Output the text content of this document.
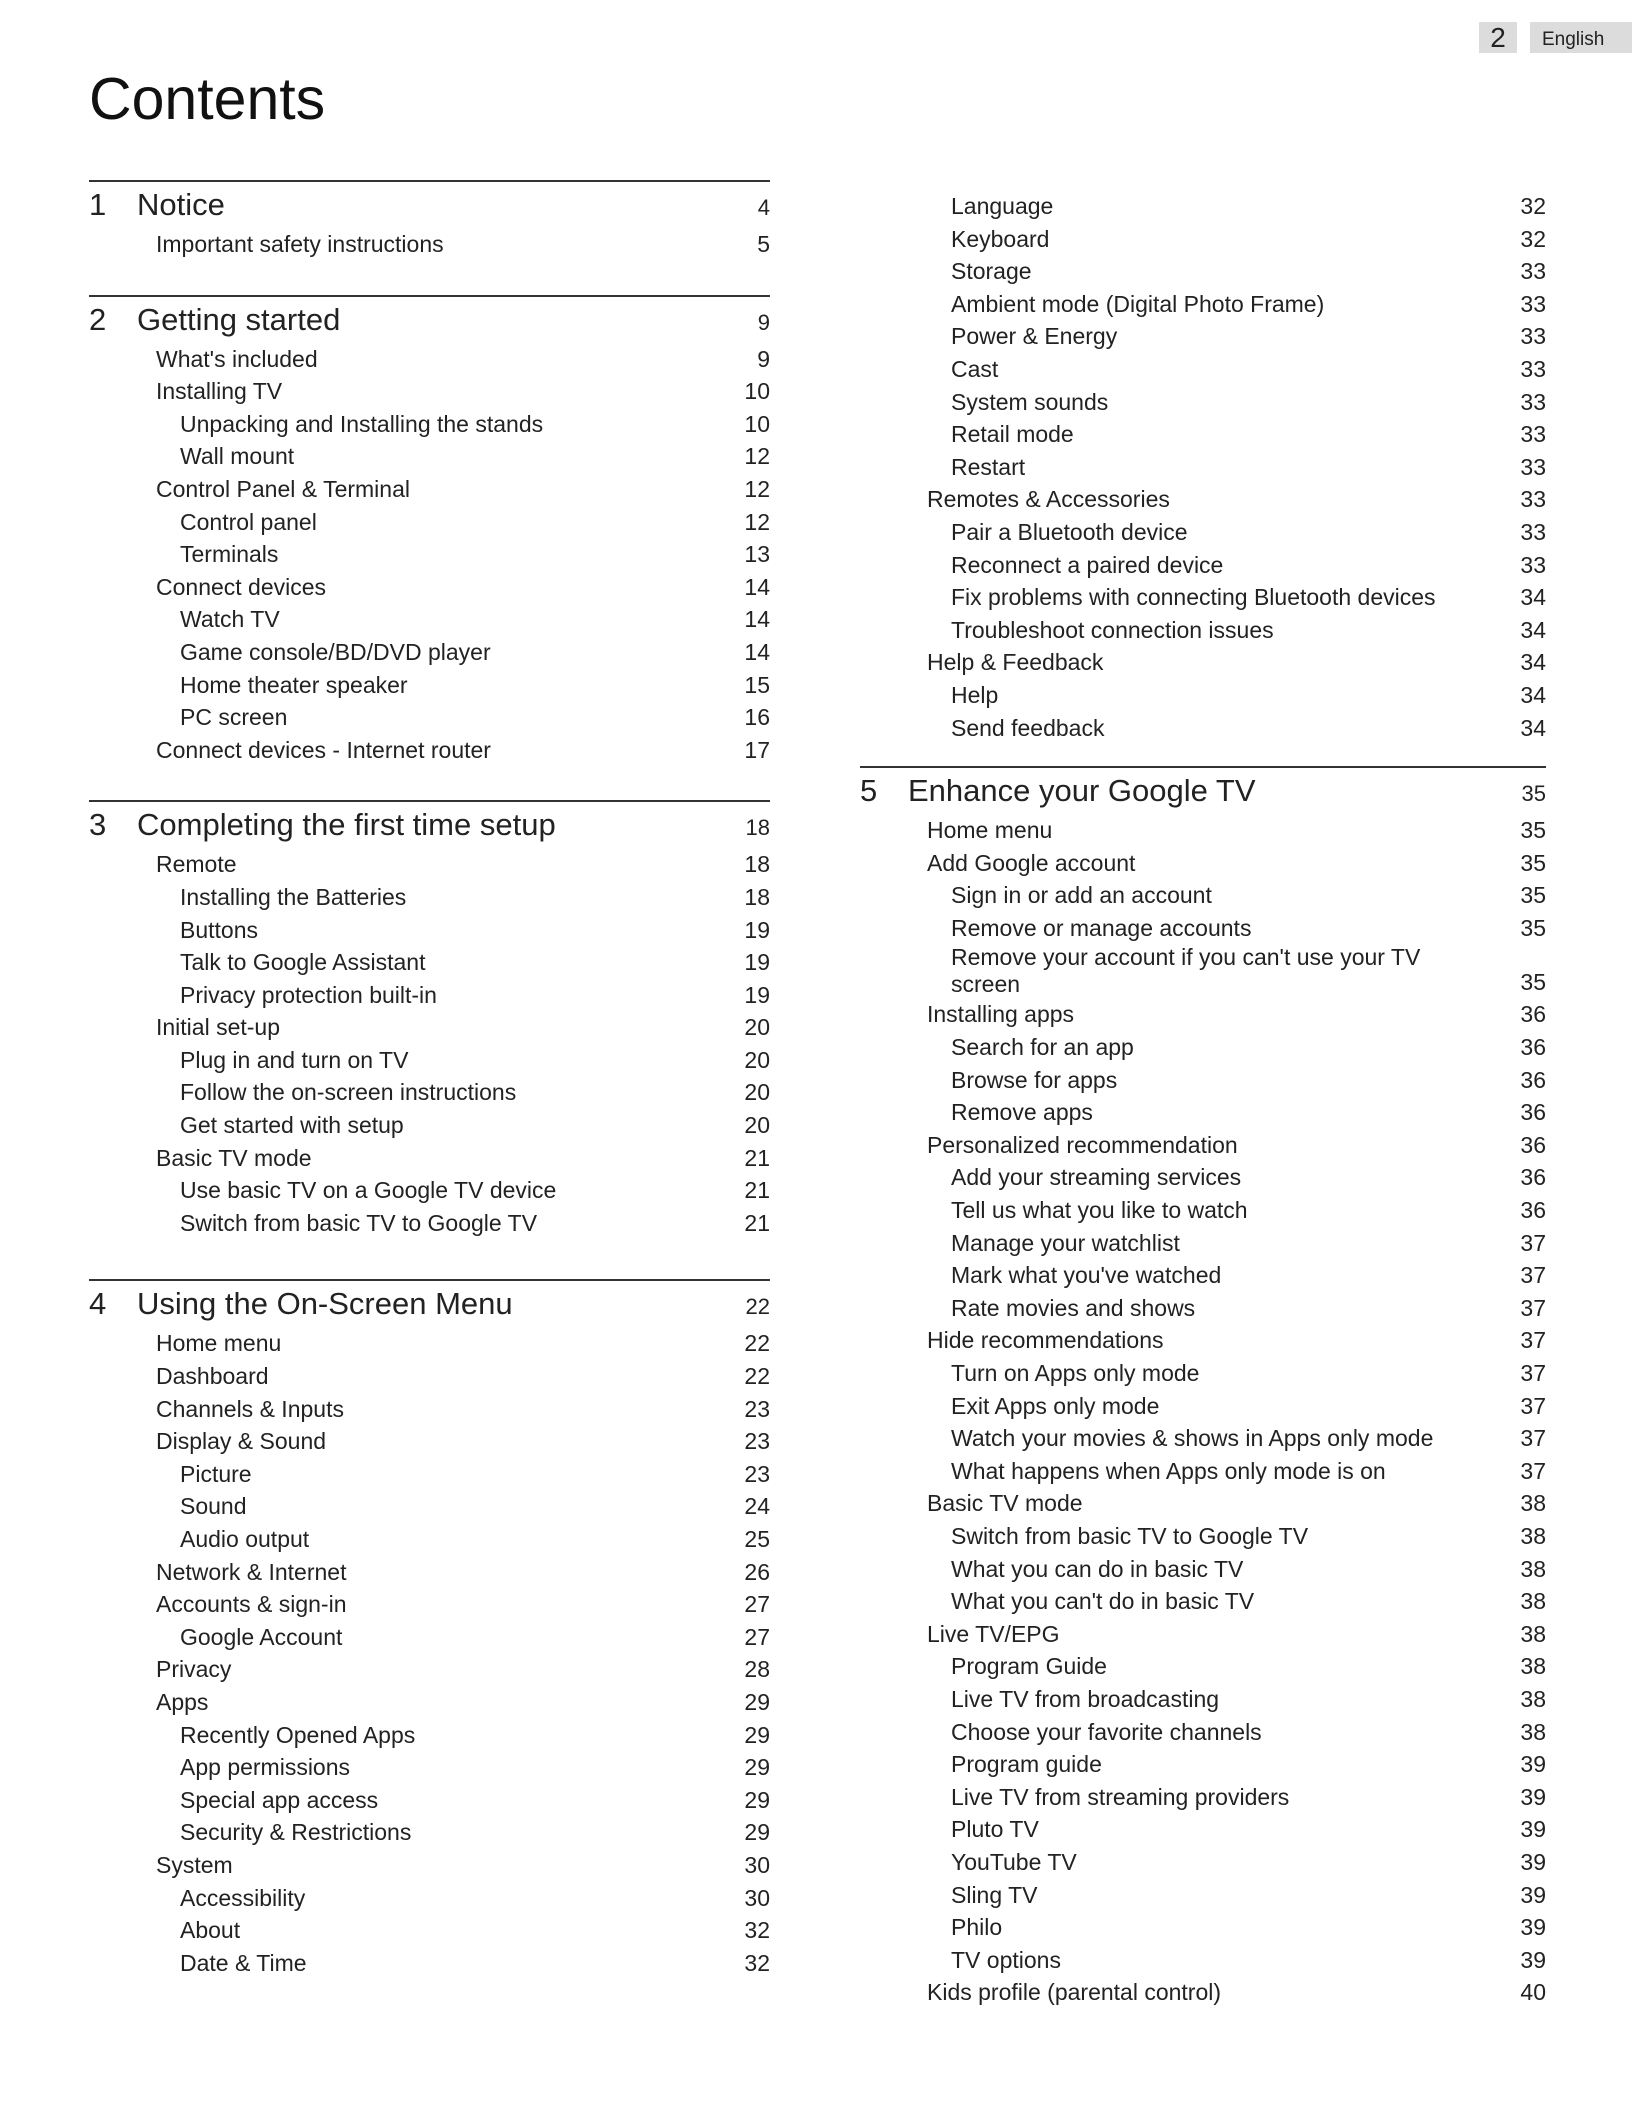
2	English
Contents
1 Notice	4
Important safety instructions	5
2 Getting started	9
What's included	9
Installing TV	10
Unpacking and Installing the stands	10
Wall mount	12
Control Panel & Terminal	12
Control panel	12
Terminals	13
Connect devices	14
Watch TV	14
Game console/BD/DVD player	14
Home theater speaker	15
PC screen	16
Connect devices - Internet router	17
3 Completing the first time setup	18
Remote	18
Installing the Batteries	18
Buttons	19
Talk to Google Assistant	19
Privacy protection built-in	19
Initial set-up	20
Plug in and turn on TV	20
Follow the on-screen instructions	20
Get started with setup	20
Basic TV mode	21
Use basic TV on a Google TV device	21
Switch from basic TV to Google TV	21
4 Using the On-Screen Menu	22
Home menu	22
Dashboard	22
Channels & Inputs	23
Display & Sound	23
Picture	23
Sound	24
Audio output	25
Network & Internet	26
Accounts & sign-in	27
Google Account	27
Privacy	28
Apps	29
Recently Opened Apps	29
App permissions	29
Special app access	29
Security & Restrictions	29
System	30
Accessibility	30
About	32
Date & Time	32
Language	32
Keyboard	32
Storage	33
Ambient mode (Digital Photo Frame)	33
Power & Energy	33
Cast	33
System sounds	33
Retail mode	33
Restart	33
Remotes & Accessories	33
Pair a Bluetooth device	33
Reconnect a paired device	33
Fix problems with connecting Bluetooth devices	34
Troubleshoot connection issues	34
Help & Feedback	34
Help	34
Send feedback	34
5 Enhance your Google TV	35
Home menu	35
Add Google account	35
Sign in or add an account	35
Remove or manage accounts	35
Remove your account if you can't use your TV screen	35
Installing apps	36
Search for an app	36
Browse for apps	36
Remove apps	36
Personalized recommendation	36
Add your streaming services	36
Tell us what you like to watch	36
Manage your watchlist	37
Mark what you've watched	37
Rate movies and shows	37
Hide recommendations	37
Turn on Apps only mode	37
Exit Apps only mode	37
Watch your movies & shows in Apps only mode	37
What happens when Apps only mode is on	37
Basic TV mode	38
Switch from basic TV to Google TV	38
What you can do in basic TV	38
What you can't do in basic TV	38
Live TV/EPG	38
Program Guide	38
Live TV from broadcasting	38
Choose your favorite channels	38
Program guide	39
Live TV from streaming providers	39
Pluto TV	39
YouTube TV	39
Sling TV	39
Philo	39
TV options	39
Kids profile (parental control)	40
